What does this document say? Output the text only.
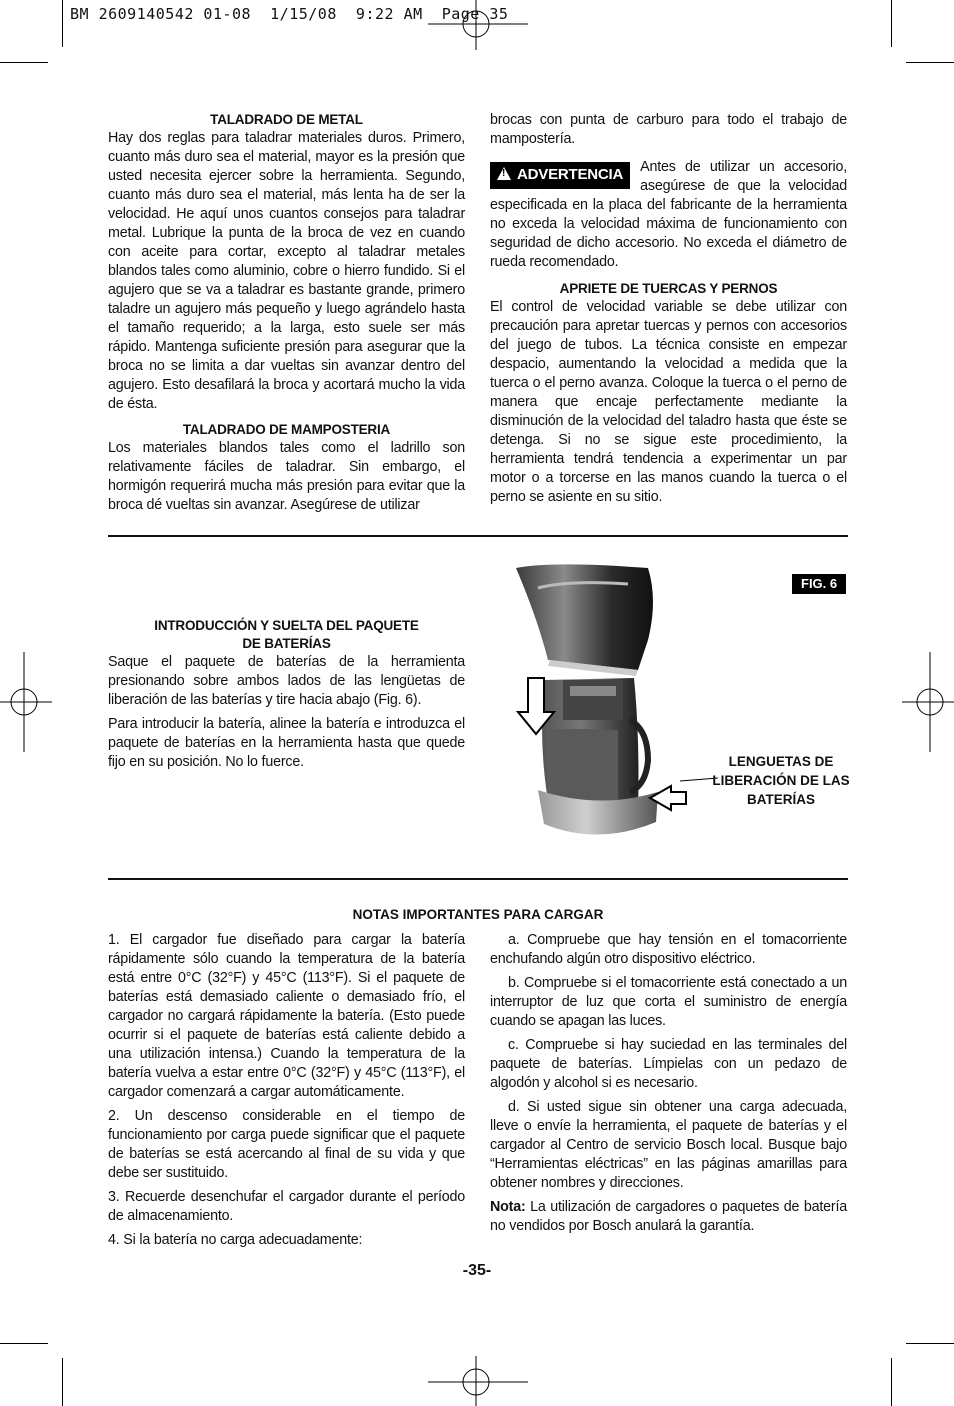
BM 2609140542 01-08  1/15/08  9:22 AM  Page 35

TALADRADO DE METAL

Hay dos reglas para taladrar materiales duros. Primero, cuanto más duro sea el material, mayor es la presión que usted necesita ejercer sobre la herramienta. Segundo, cuanto más duro sea el material, más lenta ha de ser la velocidad. He aquí unos cuantos consejos para taladrar metal. Lubrique la punta de la broca de vez en cuando con aceite para cortar, excepto al taladrar metales blandos tales como aluminio, cobre o hierro fundido. Si el agujero que se va a taladrar es bastante grande, primero taladre un agujero más pequeño y luego agrándelo hasta el tamaño requerido; a la larga, esto suele ser más rápido. Mantenga suficiente presión para asegurar que la broca no se limita a dar vueltas sin avanzar dentro del agujero. Esto desafilará la broca y acortará mucho la vida de ésta.

TALADRADO DE MAMPOSTERIA

Los materiales blandos tales como el ladrillo son relativamente fáciles de taladrar. Sin embargo, el hormigón requerirá mucha más presión para evitar que la broca dé vueltas sin avanzar. Asegúrese de utilizar

brocas con punta de carburo para todo el trabajo de mampostería.

! ADVERTENCIA	Antes de utilizar un accesorio, asegúrese de que la velocidad especificada en la placa del fabricante de la herramienta no exceda la velocidad máxima de funcionamiento con seguridad de dicho accesorio. No exceda el diámetro de rueda recomendado.

APRIETE DE TUERCAS Y PERNOS

El control de velocidad variable se debe utilizar con precaución para apretar tuercas y pernos con accesorios del juego de tubos. La técnica consiste en empezar despacio, aumentando la velocidad a medida que la tuerca o el perno avanza. Coloque la tuerca o el perno de manera que encaje perfectamente mediante la disminución de la velocidad del taladro hasta que éste se detenga. Si no se sigue este procedimiento, la herramienta tendrá tendencia a experimentar un par motor o a torcerse en las manos cuando la tuerca o el perno se asiente en su sitio.

INTRODUCCIÓN Y SUELTA DEL PAQUETE
DE BATERÍAS

Saque el paquete de baterías de la herramienta presionando sobre ambos lados de las lengüetas de liberación de las baterías y tire hacia abajo (Fig. 6).

Para introducir la batería, alinee la batería e introduzca el paquete de baterías en la herramienta hasta que quede fijo en su posición. No lo fuerce.

FIG. 6
LENGUETAS DE
LIBERACIÓN DE LAS
BATERÍAS
NOTAS IMPORTANTES PARA CARGAR

1. El cargador fue diseñado para cargar la batería rápidamente sólo cuando la temperatura de la batería está entre 0°C (32°F) y 45°C (113°F). Si el paquete de baterías está demasiado caliente o demasiado frío, el cargador no cargará rápidamente la batería. (Esto puede ocurrir si el paquete de baterías está caliente debido a una utilización intensa.) Cuando la temperatura de la batería vuelva a estar entre 0°C (32°F) y 45°C (113°F), el cargador comenzará a cargar automáticamente.

2. Un descenso considerable en el tiempo de funcionamiento por carga puede significar que el paquete de baterías se está acercando al final de su vida y que debe ser sustituido.

3. Recuerde desenchufar el cargador durante el período de almacenamiento.

4. Si la batería no carga adecuadamente:

a. Compruebe que hay tensión en el tomacorriente enchufando algún otro dispositivo eléctrico.

b. Compruebe si el tomacorriente está conectado a un interruptor de luz que corta el suministro de energía cuando se apagan las luces.

c. Compruebe si hay suciedad en las terminales del paquete de baterías. Límpielas con un pedazo de algodón y alcohol si es necesario.

d. Si usted sigue sin obtener una carga adecuada, lleve o envíe la herramienta, el paquete de baterías y el cargador al Centro de servicio Bosch local. Busque bajo “Herramientas eléctricas” en las páginas amarillas para obtener nombres y direcciones.

Nota: La utilización de cargadores o paquetes de batería no vendidos por Bosch anulará la garantía.

-35-
